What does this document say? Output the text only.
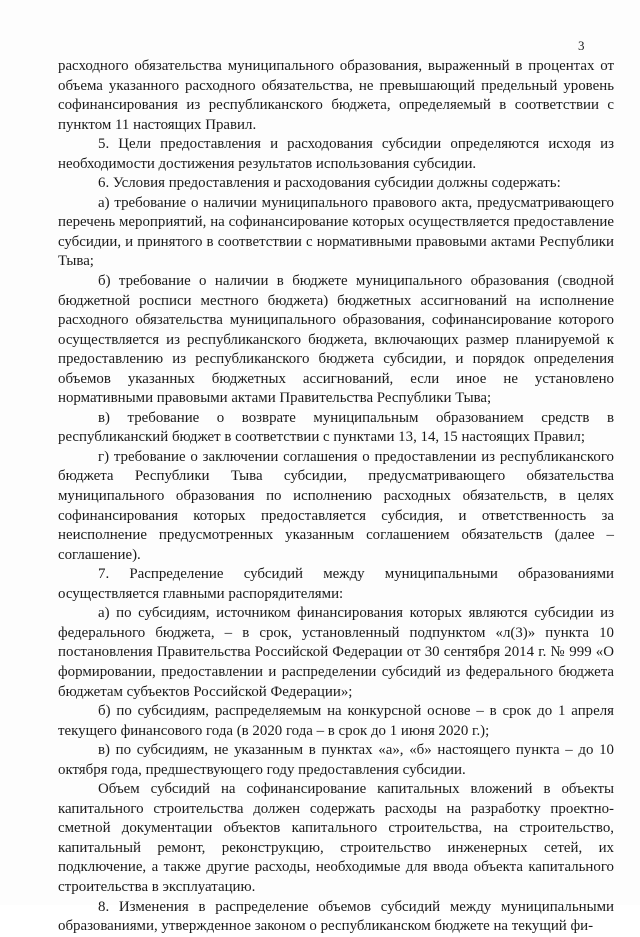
3

расходного обязательства муниципального образования, выраженный в процентах от объема указанного расходного обязательства, не превышающий предельный уровень софинансирования из республиканского бюджета, определяемый в соответствии с пунктом 11 настоящих Правил.

5. Цели предоставления и расходования субсидии определяются исходя из необходимости достижения результатов использования субсидии.

6. Условия предоставления и расходования субсидии должны содержать:

а) требование о наличии муниципального правового акта, предусматривающего перечень мероприятий, на софинансирование которых осуществляется предоставление субсидии, и принятого в соответствии с нормативными правовыми актами Республики Тыва;

б) требование о наличии в бюджете муниципального образования (сводной бюджетной росписи местного бюджета) бюджетных ассигнований на исполнение расходного обязательства муниципального образования, софинансирование которого осуществляется из республиканского бюджета, включающих размер планируемой к предоставлению из республиканского бюджета субсидии, и порядок определения объемов указанных бюджетных ассигнований, если иное не установлено нормативными правовыми актами Правительства Республики Тыва;

в) требование о возврате муниципальным образованием средств в республиканский бюджет в соответствии с пунктами 13, 14, 15 настоящих Правил;

г) требование о заключении соглашения о предоставлении из республиканского бюджета Республики Тыва субсидии, предусматривающего обязательства муниципального образования по исполнению расходных обязательств, в целях софинансирования которых предоставляется субсидия, и ответственность за неисполнение предусмотренных указанным соглашением обязательств (далее – соглашение).

7. Распределение субсидий между муниципальными образованиями осуществляется главными распорядителями:

а) по субсидиям, источником финансирования которых являются субсидии из федерального бюджета, – в срок, установленный подпунктом «л(3)» пункта 10 постановления Правительства Российской Федерации от 30 сентября 2014 г. № 999 «О формировании, предоставлении и распределении субсидий из федерального бюджета бюджетам субъектов Российской Федерации»;

б) по субсидиям, распределяемым на конкурсной основе – в срок до 1 апреля текущего финансового года (в 2020 года – в срок до 1 июня 2020 г.);

в) по субсидиям, не указанным в пунктах «а», «б» настоящего пункта – до 10 октября года, предшествующего году предоставления субсидии.

Объем субсидий на софинансирование капитальных вложений в объекты капитального строительства должен содержать расходы на разработку проектно-сметной документации объектов капитального строительства, на строительство, капитальный ремонт, реконструкцию, строительство инженерных сетей, их подключение, а также другие расходы, необходимые для ввода объекта капитального строительства в эксплуатацию.

8. Изменения в распределение объемов субсидий между муниципальными образованиями, утвержденное законом о республиканском бюджете на текущий фи-
